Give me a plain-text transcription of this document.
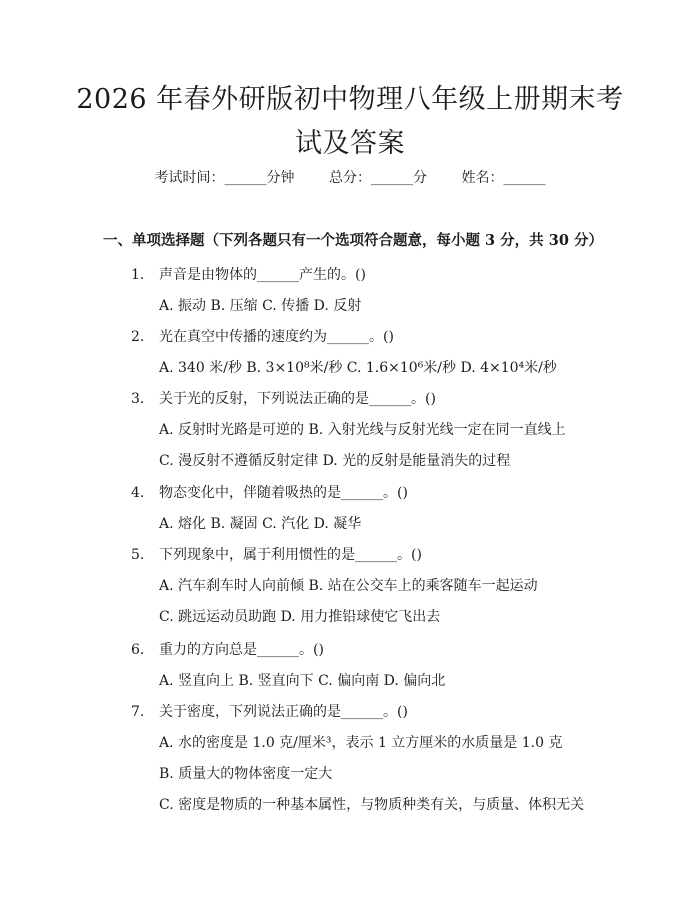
2026 年春外研版初中物理八年级上册期末考
试及答案
考试时间：______分钟 总分：______分 姓名：______
一、单项选择题（下列各题只有一个选项符合题意，每小题 3 分，共 30 分）
1. 声音是由物体的______产生的。()
A. 振动 B. 压缩 C. 传播 D. 反射
2. 光在真空中传播的速度约为______。()
A. 340 米/秒 B. 3×10⁸米/秒 C. 1.6×10⁶米/秒 D. 4×10⁴米/秒
3. 关于光的反射，下列说法正确的是______。()
A. 反射时光路是可逆的 B. 入射光线与反射光线一定在同一直线上
C. 漫反射不遵循反射定律 D. 光的反射是能量消失的过程
4. 物态变化中，伴随着吸热的是______。()
A. 熔化 B. 凝固 C. 汽化 D. 凝华
5. 下列现象中，属于利用惯性的是______。()
A. 汽车刹车时人向前倾 B. 站在公交车上的乘客随车一起运动
C. 跳远运动员助跑 D. 用力推铅球使它飞出去
6. 重力的方向总是______。()
A. 竖直向上 B. 竖直向下 C. 偏向南 D. 偏向北
7. 关于密度，下列说法正确的是______。()
A. 水的密度是 1.0 克/厘米³，表示 1 立方厘米的水质量是 1.0 克
B. 质量大的物体密度一定大
C. 密度是物质的一种基本属性，与物质种类有关，与质量、体积无关
